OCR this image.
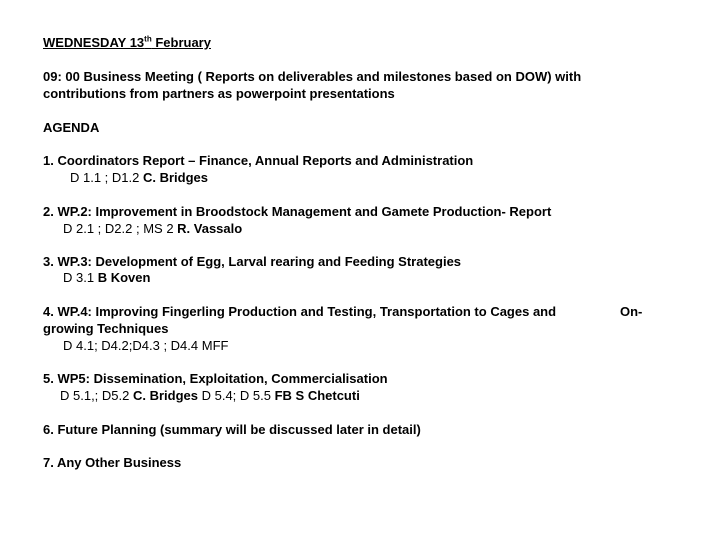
WEDNESDAY 13th February
09: 00 Business Meeting ( Reports on deliverables and milestones based on DOW) with
contributions from partners as powerpoint presentations
AGENDA
1. Coordinators Report – Finance, Annual Reports and Administration
D 1.1 ; D1.2 C. Bridges
2. WP.2: Improvement in Broodstock Management and Gamete Production- Report
D 2.1 ; D2.2 ; MS 2 R. Vassalo
3. WP.3: Development of Egg, Larval rearing and Feeding Strategies
D 3.1 B Koven
4. WP.4: Improving Fingerling Production and Testing, Transportation to Cages and	On-
growing Techniques
D 4.1; D4.2;D4.3 ; D4.4 MFF
5. WP5: Dissemination, Exploitation, Commercialisation
D 5.1,; D5.2 C. Bridges D 5.4; D 5.5 FB S Chetcuti
6. Future Planning (summary will be discussed later in detail)
7. Any Other Business
